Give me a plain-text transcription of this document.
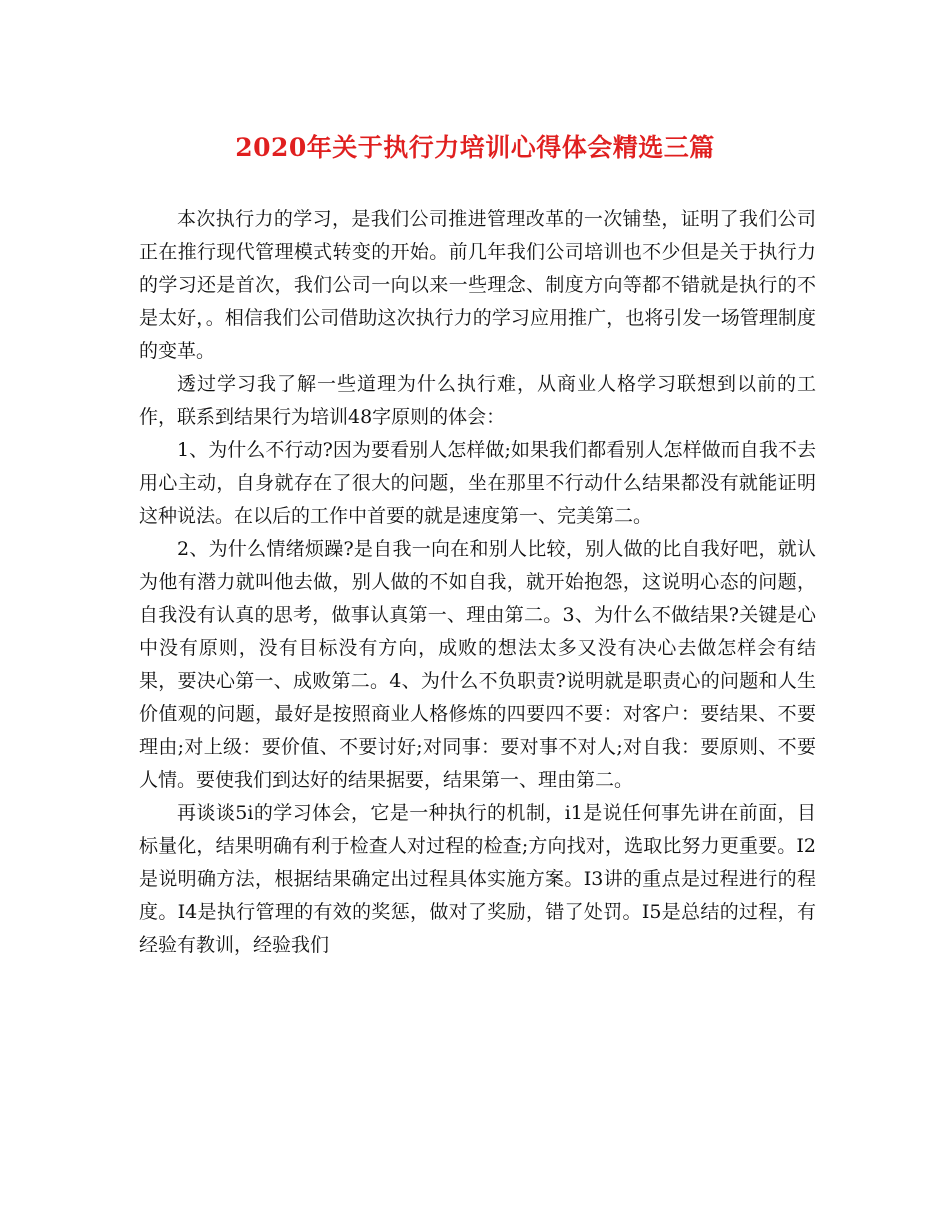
2020年关于执行力培训心得体会精选三篇

本次执行力的学习，是我们公司推进管理改革的一次铺垫，证明了我们公司正在推行现代管理模式转变的开始。前几年我们公司培训也不少但是关于执行力的学习还是首次，我们公司一向以来一些理念、制度方向等都不错就是执行的不是太好，。相信我们公司借助这次执行力的学习应用推广，也将引发一场管理制度的变革。

透过学习我了解一些道理为什么执行难，从商业人格学习联想到以前的工作，联系到结果行为培训48字原则的体会：

1、为什么不行动?因为要看别人怎样做;如果我们都看别人怎样做而自我不去用心主动，自身就存在了很大的问题，坐在那里不行动什么结果都没有就能证明这种说法。在以后的工作中首要的就是速度第一、完美第二。

2、为什么情绪烦躁?是自我一向在和别人比较，别人做的比自我好吧，就认为他有潜力就叫他去做，别人做的不如自我，就开始抱怨，这说明心态的问题，自我没有认真的思考，做事认真第一、理由第二。3、为什么不做结果?关键是心中没有原则，没有目标没有方向，成败的想法太多又没有决心去做怎样会有结果，要决心第一、成败第二。4、为什么不负职责?说明就是职责心的问题和人生价值观的问题，最好是按照商业人格修炼的四要四不要：对客户：要结果、不要理由;对上级：要价值、不要讨好;对同事：要对事不对人;对自我：要原则、不要人情。要使我们到达好的结果据要，结果第一、理由第二。

再谈谈5i的学习体会，它是一种执行的机制，i1是说任何事先讲在前面，目标量化，结果明确有利于检查人对过程的检查;方向找对，选取比努力更重要。I2是说明确方法，根据结果确定出过程具体实施方案。I3讲的重点是过程进行的程度。I4是执行管理的有效的奖惩，做对了奖励，错了处罚。I5是总结的过程，有经验有教训，经验我们
